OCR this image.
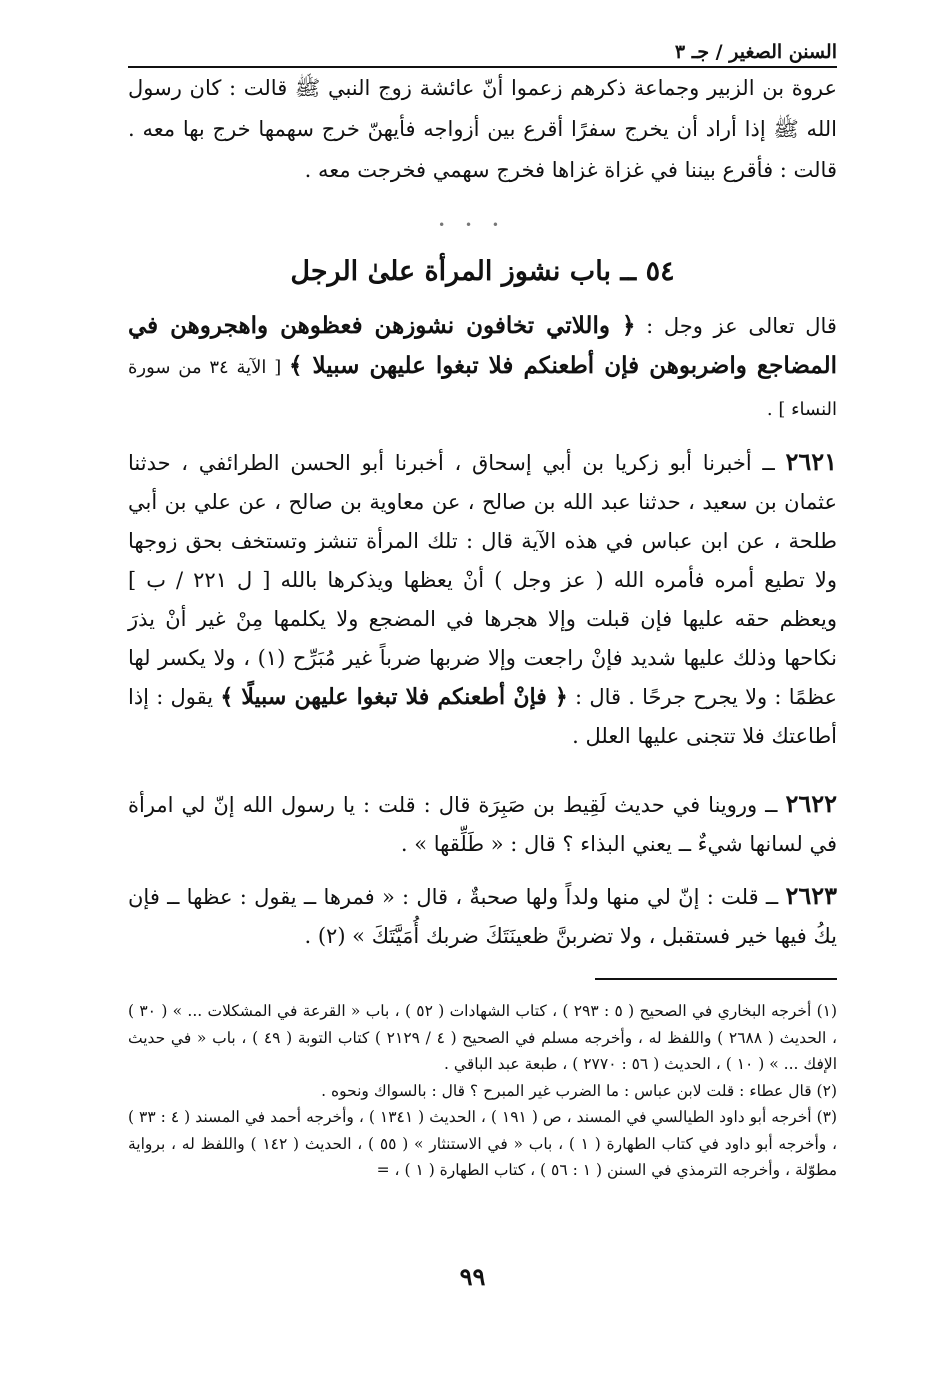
السنن الصغير / جـ ٣
عروة بن الزبير وجماعة ذكرهم زعموا أنّ عائشة زوج النبي ﷺ قالت : كان رسول الله ﷺ إذا أراد أن يخرج سفرًا أقرع بين أزواجه فأيهنّ خرج سهمها خرج بها معه . قالت : فأقرع بيننا في غزاة غزاها فخرج سهمي فخرجت معه .
• • •
٥٤ ــ باب نشوز المرأة علىٰ الرجل
قال تعالى عز وجل : ﴿ واللاتي تخافون نشوزهن فعظوهن واهجروهن في المضاجع واضربوهن فإن أطعنكم فلا تبغوا عليهن سبيلا ﴾ [ الآية ٣٤ من سورة النساء ] .
٢٦٢١ ــ أخبرنا أبو زكريا بن أبي إسحاق ، أخبرنا أبو الحسن الطرائفي ، حدثنا عثمان بن سعيد ، حدثنا عبد الله بن صالح ، عن معاوية بن صالح ، عن علي بن أبي طلحة ، عن ابن عباس في هذه الآية قال : تلك المرأة تنشز وتستخف بحق زوجها ولا تطيع أمره فأمره الله ( عز وجل ) أنْ يعظها ويذكرها بالله [ ل ٢٢١ / ب ] ويعظم حقه عليها فإن قبلت وإلا هجرها في المضجع ولا يكلمها مِنْ غير أنْ يذرَ نكاحها وذلك عليها شديد فإنْ راجعت وإلا ضربها ضرباً غير مُبَرِّح (١) ، ولا يكسر لها عظمًا : ولا يجرح جرحًا . قال : ﴿ فإنْ أطعنكم فلا تبغوا عليهن سبيلًا ﴾ يقول : إذا أطاعتك فلا تتجنى عليها العلل .
٢٦٢٢ ــ وروينا في حديث لَقِيط بن صَبِرَة قال : قلت : يا رسول الله إنّ لي امرأة في لسانها شيءٌ ــ يعني البذاء ؟ قال : « طَلِّقها » .
٢٦٢٣ ــ قلت : إنّ لي منها ولداً ولها صحبةٌ ، قال : « فمرها ــ يقول : عظها ــ فإن يكُ فيها خير فستقبل ، ولا تضربنَّ ظعينَتَكَ ضربك أُمَيَّتَكَ » (٢) .

(١) أخرجه البخاري في الصحيح ( ٥ : ٢٩٣ ) ، كتاب الشهادات ( ٥٢ ) ، باب « القرعة في المشكلات ... » ( ٣٠ ) ، الحديث ( ٢٦٨٨ ) واللفظ له ، وأخرجه مسلم في الصحيح ( ٤ / ٢١٢٩ ) كتاب التوبة ( ٤٩ ) ، باب « في حديث الإفك ... » ( ١٠ ) ، الحديث ( ٥٦ : ٢٧٧٠ ) ، طبعة عبد الباقي .

(٢) قال عطاء : قلت لابن عباس : ما الضرب غير المبرح ؟ قال : بالسواك ونحوه .

(٣) أخرجه أبو داود الطيالسي في المسند ، ص ( ١٩١ ) ، الحديث ( ١٣٤١ ) ، وأخرجه أحمد في المسند ( ٤ : ٣٣ ) ، وأخرجه أبو داود في كتاب الطهارة ( ١ ) ، باب « في الاستنثار » ( ٥٥ ) ، الحديث ( ١٤٢ ) واللفظ له ، برواية مطوّلة ، وأخرجه الترمذي في السنن ( ١ : ٥٦ ) ، كتاب الطهارة ( ١ ) ، =

٩٩
